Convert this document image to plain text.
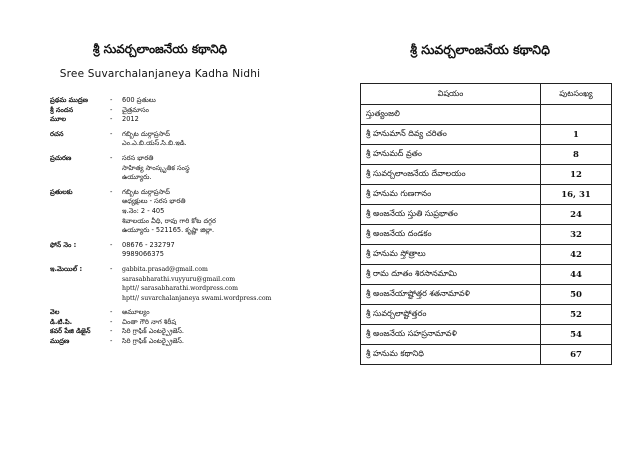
శ్రీ సువర్చలాంజనేయ కథానిధి
Sree Suvarchalanjaneya Kadha Nidhi
ప్రథమ ముద్రణ	-	600 ప్రతులు
శ్రీ నందన	-	చైత్రమాసం
మూల	-	2012
రచన	-	గబ్బిట దుర్గాప్రసాద్
ఎం.ఎ.బి.యస్.సి.బి.ఇడి.
ప్రచురణ	-	సరస భారతి
సాహిత్య సాంస్కృతిక సంస్థ
ఉయ్యూరు.
ప్రతులకు	-	గబ్బిట దుర్గాప్రసాద్
అధ్యక్షులు - సరస భారతి
ఇ.నెం: 2 - 405
శివాలయం వీధి, రావు గారి కోట దగ్గర
ఉయ్యూరు - 521165. కృష్ణా జిల్లా.
ఫోన్ నెం :	-	08676 - 232797
9989066375
ఇ.మెయిల్ :	-	gabbita.prasad@gmail.com
sarasabharathi.vuyyuru@gmail.com
hptt// sarasabharathi.wordpress.com
hptt// suvarchalanjaneya swami.wordpress.com
వెల	-	అమూల్యం
డి.టి.పి.	-	చింతా గౌరి నాగ శిరీష
కవర్ పేజి డిజైన్	-	సిరి గ్రాఫిక్ ఎంటర్ప్రైజెస్.
ముద్రణ	-	సిరి గ్రాఫిక్ ఎంటర్ప్రైజెస్.
శ్రీ సువర్చలాంజనేయ కథానిధి
విషయం	పుటసంఖ్య
స్తుత్యంజలి	
శ్రీ హనుమాన్ దివ్య చరితం	1
శ్రీ హనుమద్ వ్రతం	8
శ్రీ సువర్చలాంజనేయ దేవాలయం	12
శ్రీ హనుమ గుణగానం	16, 31
శ్రీ అంజనేయ స్తుతి సుప్రభాతం	24
శ్రీ అంజనేయ దండకం	32
శ్రీ హనుమ స్తోత్రాలు	42
శ్రీ రామ దూతం శిరసానమామి	44
శ్రీ అంజనేయాష్టోత్తర శతనామావళి	50
శ్రీ సువర్చలాష్టోత్తరం	52
శ్రీ అంజనేయ సహస్రనామావళి	54
శ్రీ హనుమ కథానిధి	67
